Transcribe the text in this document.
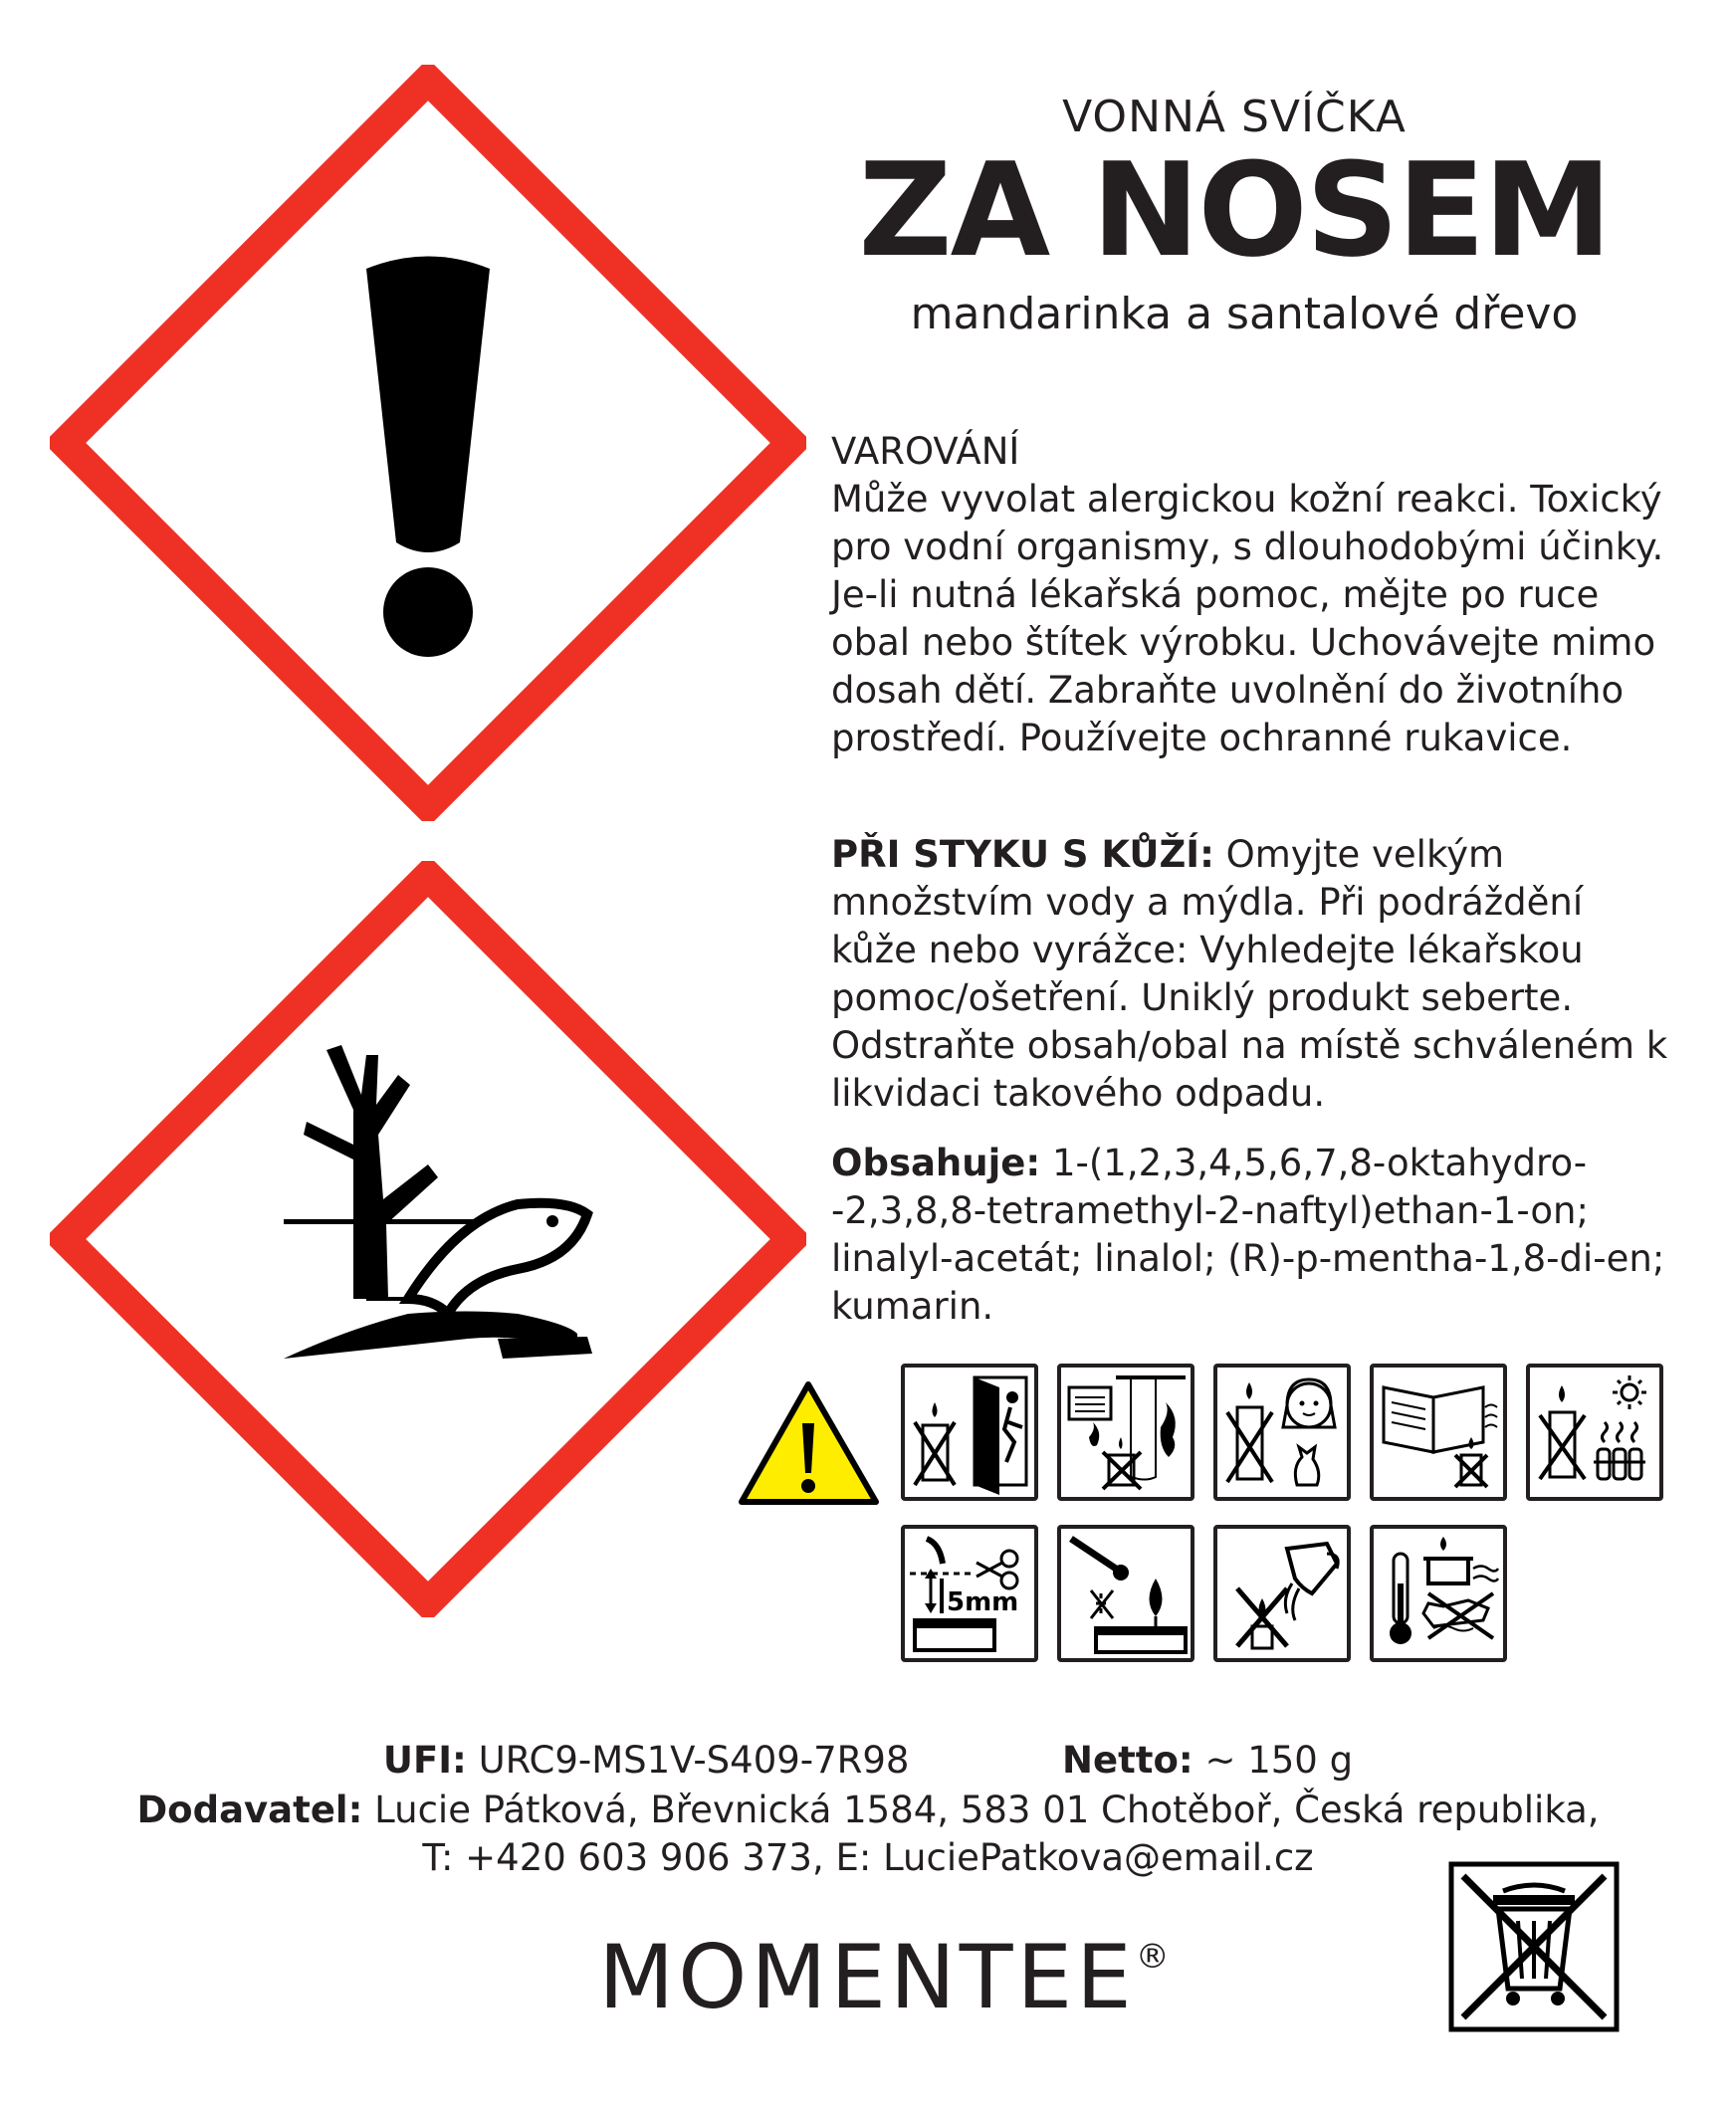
VONNÁ SVÍČKA
ZA NOSEM
mandarinka a santalové dřevo
VAROVÁNÍ
Může vyvolat alergickou kožní reakci. Toxický pro vodní organismy, s dlouhodobými účinky. Je-li nutná lékařská pomoc, mějte po ruce obal nebo štítek výrobku. Uchovávejte mimo dosah dětí. Zabraňte uvolnění do životního prostředí. Používejte ochranné rukavice.
PŘI STYKU S KŮŽÍ: Omyjte velkým množstvím vody a mýdla. Při podráždění kůže nebo vyrážce: Vyhledejte lékařskou pomoc/ošetření. Uniklý produkt seberte. Odstraňte obsah/obal na místě schváleném k likvidaci takového odpadu.
Obsahuje: 1-(1,2,3,4,5,6,7,8-oktahydro--2,3,8,8-tetramethyl-2-naftyl)ethan-1-on; linalyl-acetát; linalol; (R)-p-mentha-1,8-di-en; kumarin.
5mm
UFI: URC9-MS1V-S409-7R98	Netto: ~ 150 g
Dodavatel: Lucie Pátková, Břevnická 1584, 583 01 Chotěboř, Česká republika,
T: +420 603 906 373, E: LuciePatkova@email.cz
MOMENTEE®
